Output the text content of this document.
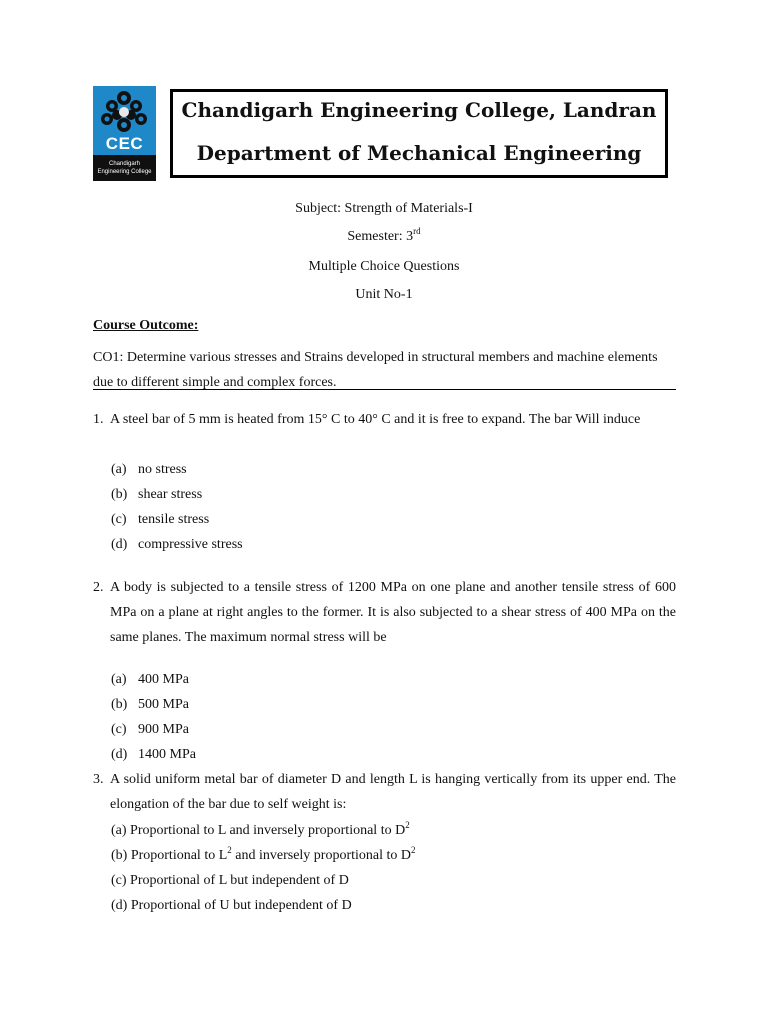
CEC
Chandigarh
Engineering College
Chandigarh Engineering College, Landran
Department of Mechanical Engineering
Subject: Strength of Materials-I
Semester: 3rd
Multiple Choice Questions
Unit No-1
Course Outcome:
CO1: Determine various stresses and Strains developed in structural members and machine elements due to different simple and complex forces.
1. A steel bar of 5 mm is heated from 15° C to 40° C and it is free to expand. The bar Will induce
(a) no stress
(b) shear stress
(c) tensile stress
(d) compressive stress
2. A body is subjected to a tensile stress of 1200 MPa on one plane and another tensile stress of 600 MPa on a plane at right angles to the former. It is also subjected to a shear stress of 400 MPa on the same planes. The maximum normal stress will be
(a) 400 MPa
(b) 500 MPa
(c) 900 MPa
(d) 1400 MPa
3. A solid uniform metal bar of diameter D and length L is hanging vertically from its upper end. The elongation of the bar due to self weight is:
(a) Proportional to L and inversely proportional to $D^2$
(b) Proportional to $L^2$ and inversely proportional to $D^2$
(c) Proportional of L but independent of D
(d) Proportional of U but independent of D
